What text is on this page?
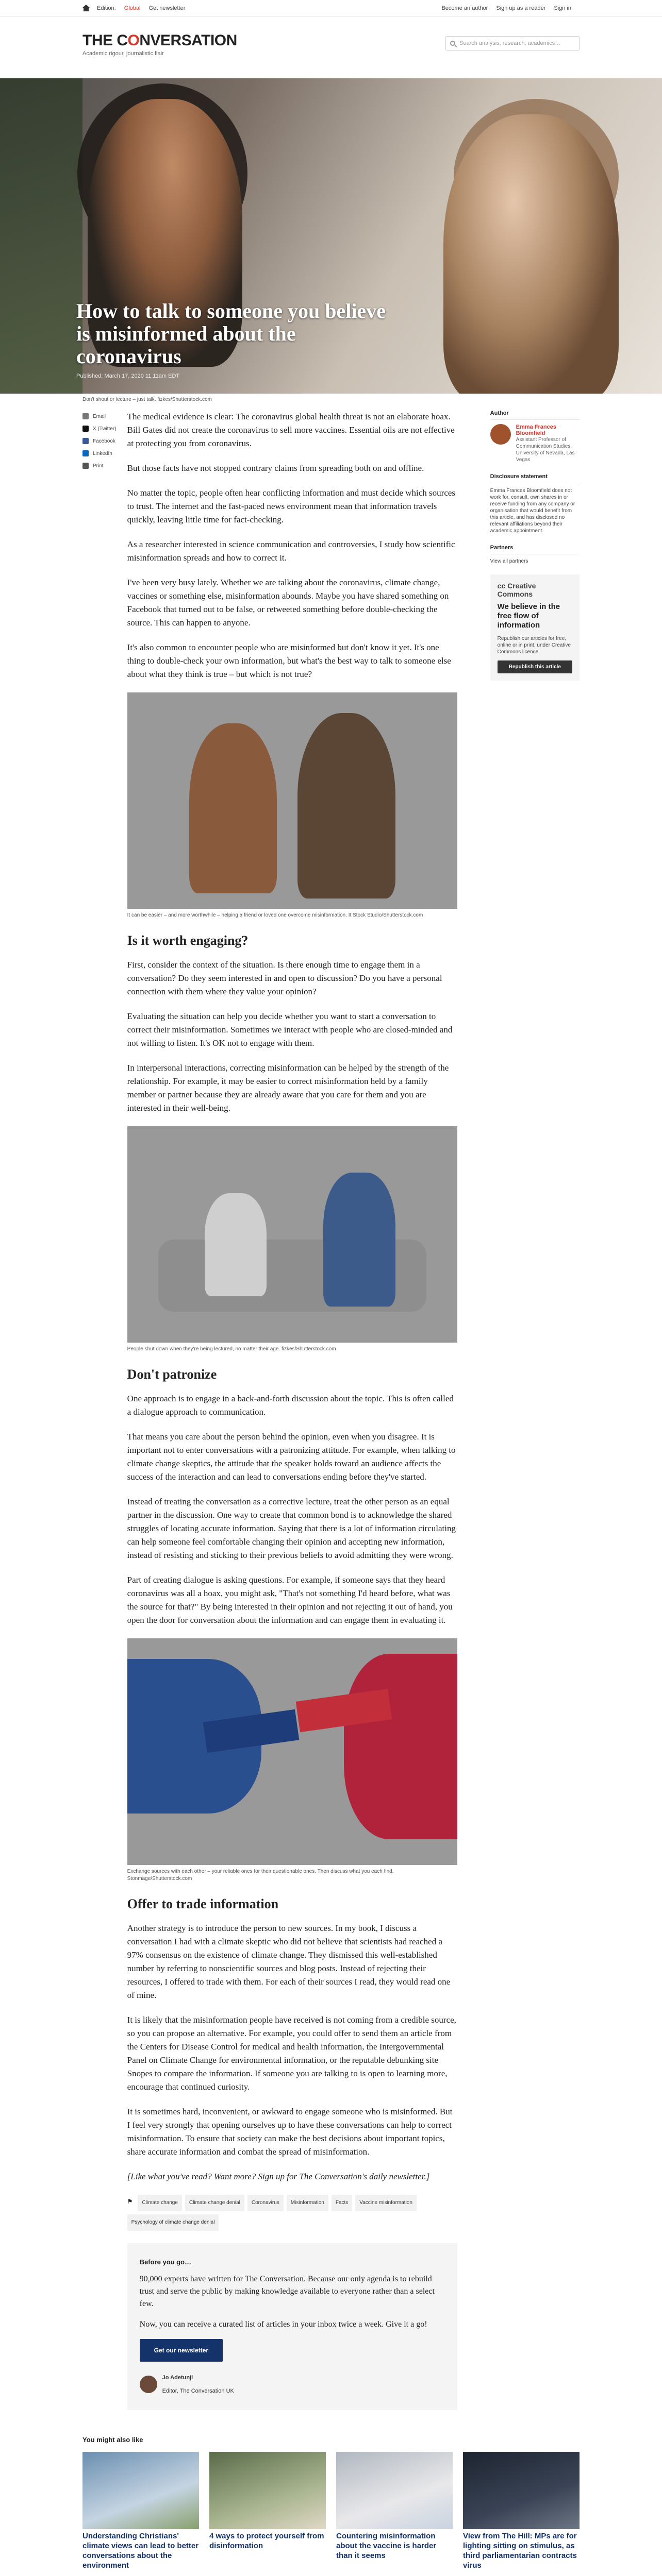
Edition: Global Get newsletter	Become an author Sign up as a reader Sign in
THE CONVERSATION
Academic rigour, journalistic flair
Search analysis, research, academics…
How to talk to someone you believe is misinformed about the coronavirus
Published: March 17, 2020 11.11am EDT
Don't shout or lecture – just talk. fizkes/Shutterstock.com
Email
X (Twitter)
Facebook
LinkedIn
Print

The medical evidence is clear: The coronavirus global health threat is not an elaborate hoax. Bill Gates did not create the coronavirus to sell more vaccines. Essential oils are not effective at protecting you from coronavirus.

But those facts have not stopped contrary claims from spreading both on and offline.

No matter the topic, people often hear conflicting information and must decide which sources to trust. The internet and the fast-paced news environment mean that information travels quickly, leaving little time for fact-checking.

As a researcher interested in science communication and controversies, I study how scientific misinformation spreads and how to correct it.

I've been very busy lately. Whether we are talking about the coronavirus, climate change, vaccines or something else, misinformation abounds. Maybe you have shared something on Facebook that turned out to be false, or retweeted something before double-checking the source. This can happen to anyone.

It's also common to encounter people who are misinformed but don't know it yet. It's one thing to double-check your own information, but what's the best way to talk to someone else about what they think is true – but which is not true?

It can be easier – and more worthwhile – helping a friend or loved one overcome misinformation. It Stock Studio/Shutterstock.com
Is it worth engaging?

First, consider the context of the situation. Is there enough time to engage them in a conversation? Do they seem interested in and open to discussion? Do you have a personal connection with them where they value your opinion?

Evaluating the situation can help you decide whether you want to start a conversation to correct their misinformation. Sometimes we interact with people who are closed-minded and not willing to listen. It's OK not to engage with them.

In interpersonal interactions, correcting misinformation can be helped by the strength of the relationship. For example, it may be easier to correct misinformation held by a family member or partner because they are already aware that you care for them and you are interested in their well-being.

People shut down when they're being lectured, no matter their age. fizkes/Shutterstock.com
Don't patronize

One approach is to engage in a back-and-forth discussion about the topic. This is often called a dialogue approach to communication.

That means you care about the person behind the opinion, even when you disagree. It is important not to enter conversations with a patronizing attitude. For example, when talking to climate change skeptics, the attitude that the speaker holds toward an audience affects the success of the interaction and can lead to conversations ending before they've started.

Instead of treating the conversation as a corrective lecture, treat the other person as an equal partner in the discussion. One way to create that common bond is to acknowledge the shared struggles of locating accurate information. Saying that there is a lot of information circulating can help someone feel comfortable changing their opinion and accepting new information, instead of resisting and sticking to their previous beliefs to avoid admitting they were wrong.

Part of creating dialogue is asking questions. For example, if someone says that they heard coronavirus was all a hoax, you might ask, "That's not something I'd heard before, what was the source for that?" By being interested in their opinion and not rejecting it out of hand, you open the door for conversation about the information and can engage them in evaluating it.

Exchange sources with each other – your reliable ones for their questionable ones. Then discuss what you each find. Stonmage/Shutterstock.com
Offer to trade information

Another strategy is to introduce the person to new sources. In my book, I discuss a conversation I had with a climate skeptic who did not believe that scientists had reached a 97% consensus on the existence of climate change. They dismissed this well-established number by referring to nonscientific sources and blog posts. Instead of rejecting their resources, I offered to trade with them. For each of their sources I read, they would read one of mine.

It is likely that the misinformation people have received is not coming from a credible source, so you can propose an alternative. For example, you could offer to send them an article from the Centers for Disease Control for medical and health information, the Intergovernmental Panel on Climate Change for environmental information, or the reputable debunking site Snopes to compare the information. If someone you are talking to is open to learning more, encourage that continued curiosity.

It is sometimes hard, inconvenient, or awkward to engage someone who is misinformed. But I feel very strongly that opening ourselves up to have these conversations can help to correct misinformation. To ensure that society can make the best decisions about important topics, share accurate information and combat the spread of misinformation.

[Like what you've read? Want more? Sign up for The Conversation's daily newsletter.]

⚑	Climate change	Climate change denial	Coronavirus	Misinformation	Facts	Vaccine misinformation
Psychology of climate change denial
Before you go…

90,000 experts have written for The Conversation. Because our only agenda is to rebuild trust and serve the public by making knowledge available to everyone rather than a select few.

Now, you can receive a curated list of articles in your inbox twice a week. Give it a go!

Get our newsletter
Jo Adetunji
Editor, The Conversation UK
Author
Emma Frances Bloomfield
Assistant Professor of Communication Studies, University of Nevada, Las Vegas
Disclosure statement
Emma Frances Bloomfield does not work for, consult, own shares in or receive funding from any company or organisation that would benefit from this article, and has disclosed no relevant affiliations beyond their academic appointment.
Partners
View all partners
cc Creative Commons
We believe in the free flow of information
Republish our articles for free, online or in print, under Creative Commons licence.
Republish this article
You might also like
Understanding Christians' climate views can lead to better conversations about the environment
4 ways to protect yourself from disinformation
Countering misinformation about the vaccine is harder than it seems
View from The Hill: MPs are for lighting sitting on stimulus, as third parliamentarian contracts virus
